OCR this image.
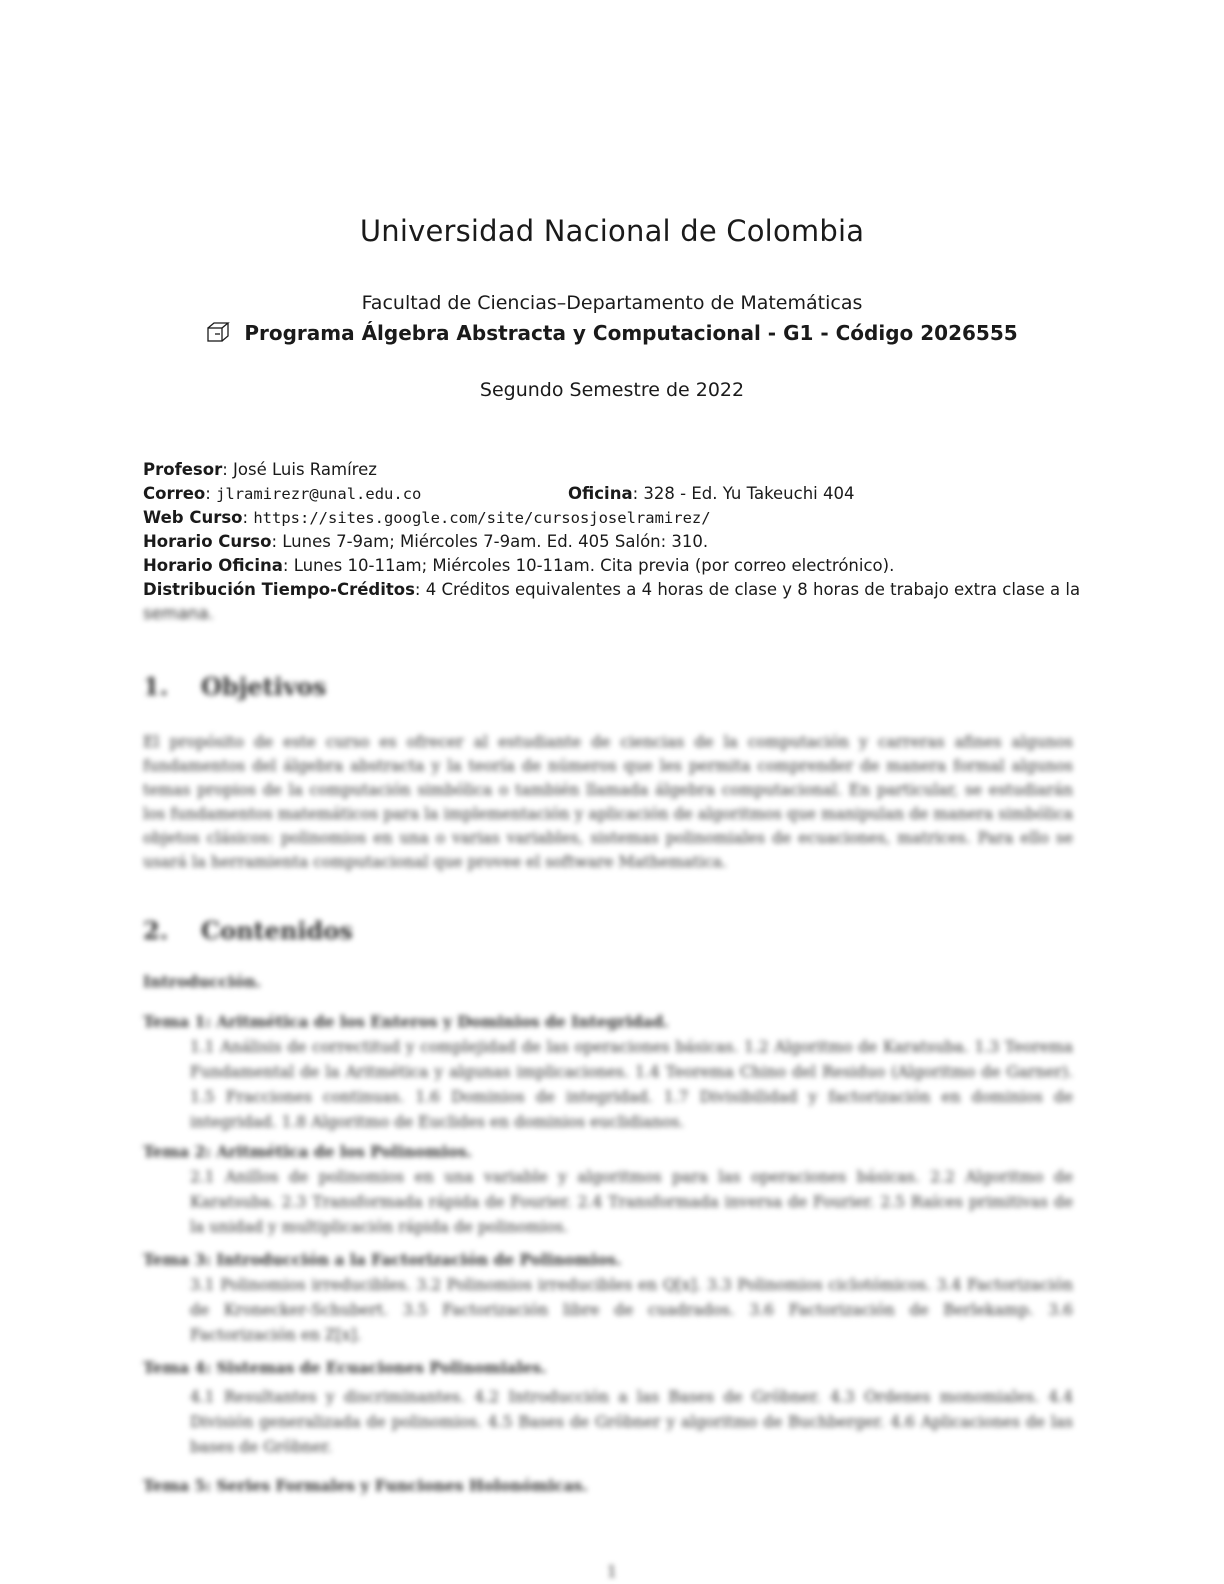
Universidad Nacional de Colombia
Facultad de Ciencias–Departamento de Matemáticas
Programa Álgebra Abstracta y Computacional - G1 - Código 2026555
Segundo Semestre de 2022
Profesor: José Luis Ramírez
Correo: jlramirezr@unal.edu.co	Oficina: 328 - Ed. Yu Takeuchi 404
Web Curso: https://sites.google.com/site/cursosjoselramirez/
Horario Curso: Lunes 7-9am; Miércoles 7-9am. Ed. 405 Salón: 310.
Horario Oficina: Lunes 10-11am; Miércoles 10-11am. Cita previa (por correo electrónico).
Distribución Tiempo-Créditos: 4 Créditos equivalentes a 4 horas de clase y 8 horas de trabajo extra clase a la
semana.
1. Objetivos
El propósito de este curso es ofrecer al estudiante de ciencias de la computación y carreras afines algunos fundamentos del álgebra abstracta y la teoría de números que les permita comprender de manera formal algunos temas propios de la computación simbólica o también llamada álgebra computacional. En particular, se estudiarán los fundamentos matemáticos para la implementación y aplicación de algoritmos que manipulan de manera simbólica objetos clásicos: polinomios en una o varias variables, sistemas polinomiales de ecuaciones, matrices. Para ello se usará la herramienta computacional que provee el software Mathematica.
2. Contenidos
Introducción.
Tema 1: Aritmética de los Enteros y Dominios de Integridad.
1.1 Análisis de correctitud y complejidad de las operaciones básicas. 1.2 Algoritmo de Karatsuba. 1.3 Teorema Fundamental de la Aritmética y algunas implicaciones. 1.4 Teorema Chino del Residuo (Algoritmo de Garner). 1.5 Fracciones continuas. 1.6 Dominios de integridad. 1.7 Divisibilidad y factorización en dominios de integridad. 1.8 Algoritmo de Euclides en dominios euclidianos.
Tema 2: Aritmética de los Polinomios.
2.1 Anillos de polinomios en una variable y algoritmos para las operaciones básicas. 2.2 Algoritmo de Karatsuba. 2.3 Transformada rápida de Fourier. 2.4 Transformada inversa de Fourier. 2.5 Raíces primitivas de la unidad y multiplicación rápida de polinomios.
Tema 3: Introducción a la Factorización de Polinomios.
3.1 Polinomios irreducibles. 3.2 Polinomios irreducibles en Q[x]. 3.3 Polinomios ciclotómicos. 3.4 Factorización de Kronecker-Schubert. 3.5 Factorización libre de cuadrados. 3.6 Factorización de Berlekamp. 3.6 Factorización en Z[x].
Tema 4: Sistemas de Ecuaciones Polinomiales.
4.1 Resultantes y discriminantes. 4.2 Introducción a las Bases de Gröbner. 4.3 Órdenes monomiales. 4.4 División generalizada de polinomios. 4.5 Bases de Gröbner y algoritmo de Buchberger. 4.6 Aplicaciones de las bases de Gröbner.
Tema 5: Series Formales y Funciones Holonómicas.
1
